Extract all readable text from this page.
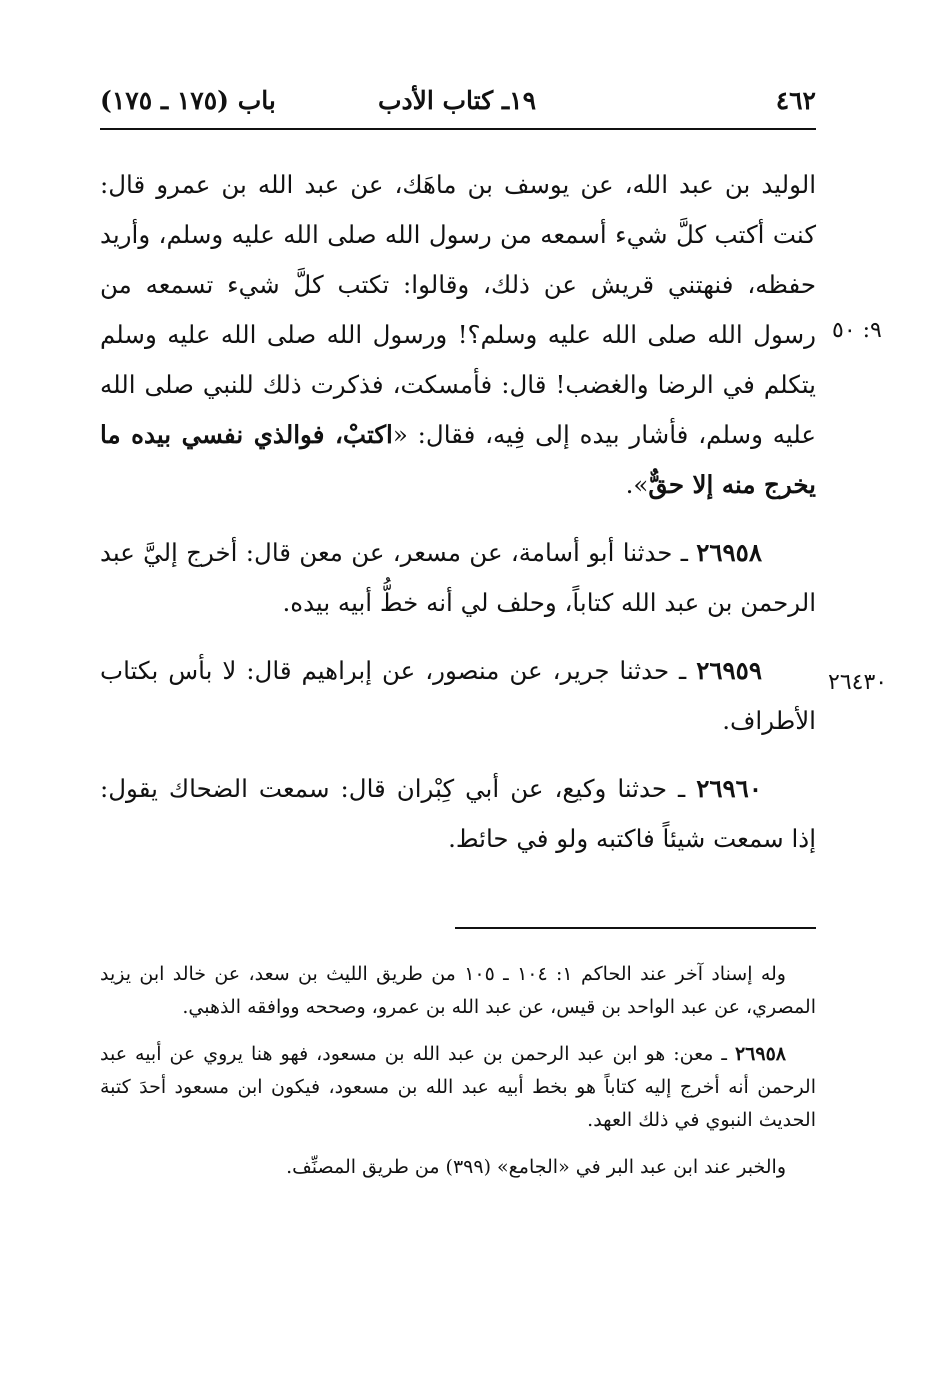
٤٦٢
١٩ـ كتاب الأدب
باب (١٧٥ ـ ١٧٥)
٩: ٥٠
٢٦٤٣٠

الوليد بن عبد الله، عن يوسف بن ماهَك، عن عبد الله بن عمرو قال: كنت أكتب كلَّ شيء أسمعه من رسول الله صلى الله عليه وسلم، وأريد حفظه، فنهتني قريش عن ذلك، وقالوا: تكتب كلَّ شيء تسمعه من رسول الله صلى الله عليه وسلم؟! ورسول الله صلى الله عليه وسلم يتكلم في الرضا والغضب! قال: فأمسكت، فذكرت ذلك للنبي صلى الله عليه وسلم، فأشار بيده إلى فِيه، فقال: «اكتبْ، فوالذي نفسي بيده ما يخرج منه إلا حقٌّ».

٢٦٩٥٨ ـ حدثنا أبو أسامة، عن مسعر، عن معن قال: أخرج إليَّ عبد الرحمن بن عبد الله كتاباً، وحلف لي أنه خطُّ أبيه بيده.

٢٦٩٥٩ ـ حدثنا جرير، عن منصور، عن إبراهيم قال: لا بأس بكتاب الأطراف.

٢٦٩٦٠ ـ حدثنا وكيع، عن أبي كِبْران قال: سمعت الضحاك يقول: إذا سمعت شيئاً فاكتبه ولو في حائط.

وله إسناد آخر عند الحاكم ١: ١٠٤ ـ ١٠٥ من طريق الليث بن سعد، عن خالد ابن يزيد المصري، عن عبد الواحد بن قيس، عن عبد الله بن عمرو، وصححه ووافقه الذهبي.

٢٦٩٥٨ ـ معن: هو ابن عبد الرحمن بن عبد الله بن مسعود، فهو هنا يروي عن أبيه عبد الرحمن أنه أخرج إليه كتاباً هو بخط أبيه عبد الله بن مسعود، فيكون ابن مسعود أحدَ كتبة الحديث النبوي في ذلك العهد.

والخبر عند ابن عبد البر في «الجامع» (٣٩٩) من طريق المصنِّف.
